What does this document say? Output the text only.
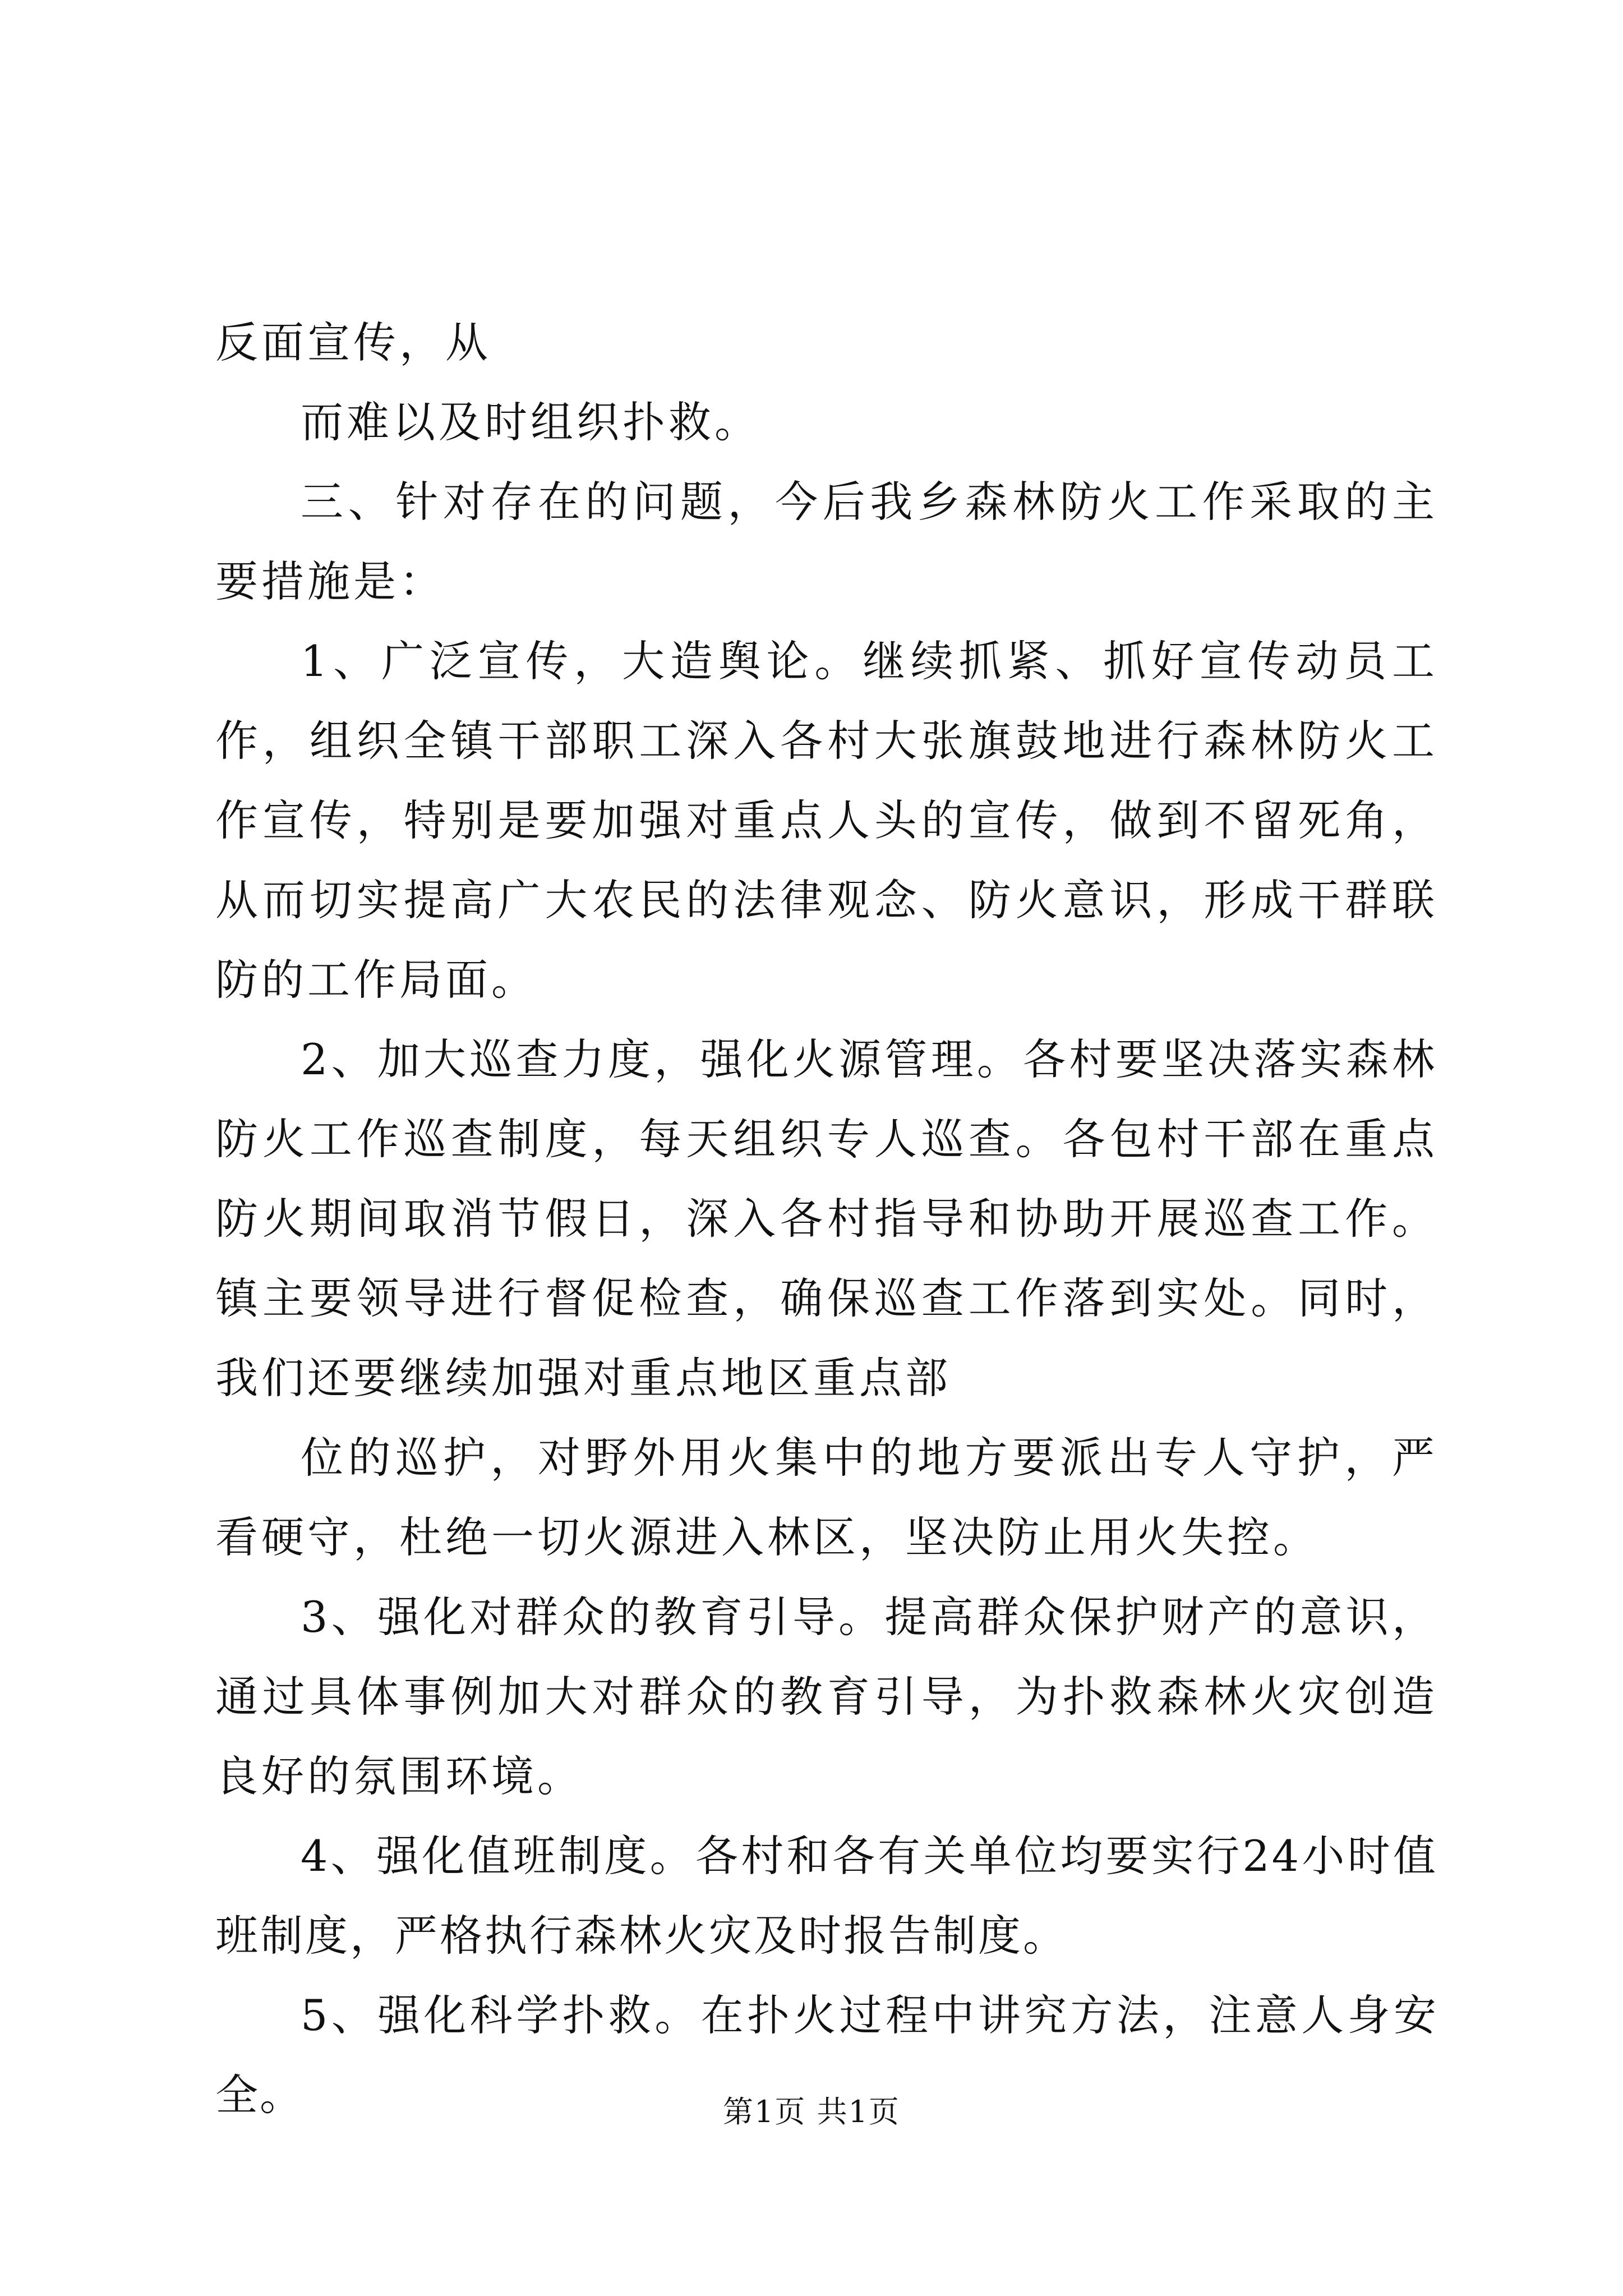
反面宣传，从

而难以及时组织扑救。

三、针对存在的问题，今后我乡森林防火工作采取的主要措施是：

1、广泛宣传，大造舆论。继续抓紧、抓好宣传动员工作，组织全镇干部职工深入各村大张旗鼓地进行森林防火工作宣传，特别是要加强对重点人头的宣传，做到不留死角，从而切实提高广大农民的法律观念、防火意识，形成干群联防的工作局面。

2、加大巡查力度，强化火源管理。各村要坚决落实森林防火工作巡查制度，每天组织专人巡查。各包村干部在重点防火期间取消节假日，深入各村指导和协助开展巡查工作。镇主要领导进行督促检查，确保巡查工作落到实处。同时，我们还要继续加强对重点地区重点部

位的巡护，对野外用火集中的地方要派出专人守护，严看硬守，杜绝一切火源进入林区，坚决防止用火失控。

3、强化对群众的教育引导。提高群众保护财产的意识，通过具体事例加大对群众的教育引导，为扑救森林火灾创造良好的氛围环境。

4、强化值班制度。各村和各有关单位均要实行24小时值班制度，严格执行森林火灾及时报告制度。

5、强化科学扑救。在扑火过程中讲究方法，注意人身安全。	第1页 共1页
